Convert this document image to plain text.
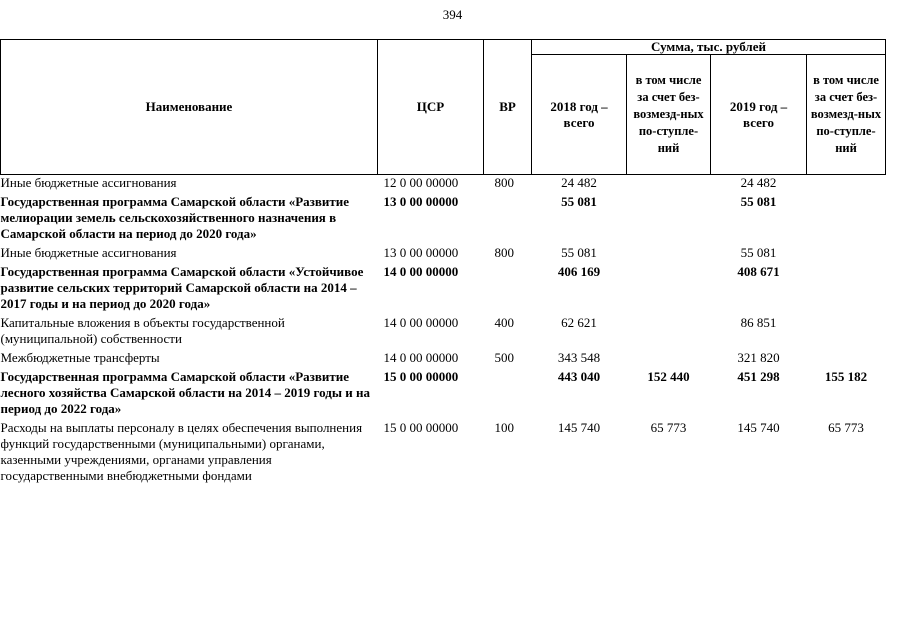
394
Наименование	ЦСР	ВР	Сумма, тыс. рублей			
			2018 год – всего	в том числе за счет без-возмезд-ных по-ступле-ний	2019 год – всего	в том числе за счет без-возмезд-ных по-ступле-ний
Иные бюджетные ассигнования	12 0 00 00000	800	24 482		24 482	
Государственная программа Самарской области «Развитие мелиорации земель сельскохозяйственного назначения в Самарской области на период до 2020 года»	13 0 00 00000		55 081		55 081	
Иные бюджетные ассигнования	13 0 00 00000	800	55 081		55 081	
Государственная программа Самарской области «Устойчивое развитие сельских территорий Самарской области на 2014 – 2017 годы и на период до 2020 года»	14 0 00 00000		406 169		408 671	
Капитальные вложения в объекты государственной (муниципальной) собственности	14 0 00 00000	400	62 621		86 851	
Межбюджетные трансферты	14 0 00 00000	500	343 548		321 820	
Государственная программа Самарской области «Развитие лесного хозяйства Самарской области на 2014 – 2019 годы и на период до 2022 года»	15 0 00 00000		443 040	152 440	451 298	155 182
Расходы на выплаты персоналу в целях обеспечения выполнения функций государственными (муниципальными) органами, казенными учреждениями, органами управления государственными внебюджетными фондами	15 0 00 00000	100	145 740	65 773	145 740	65 773
